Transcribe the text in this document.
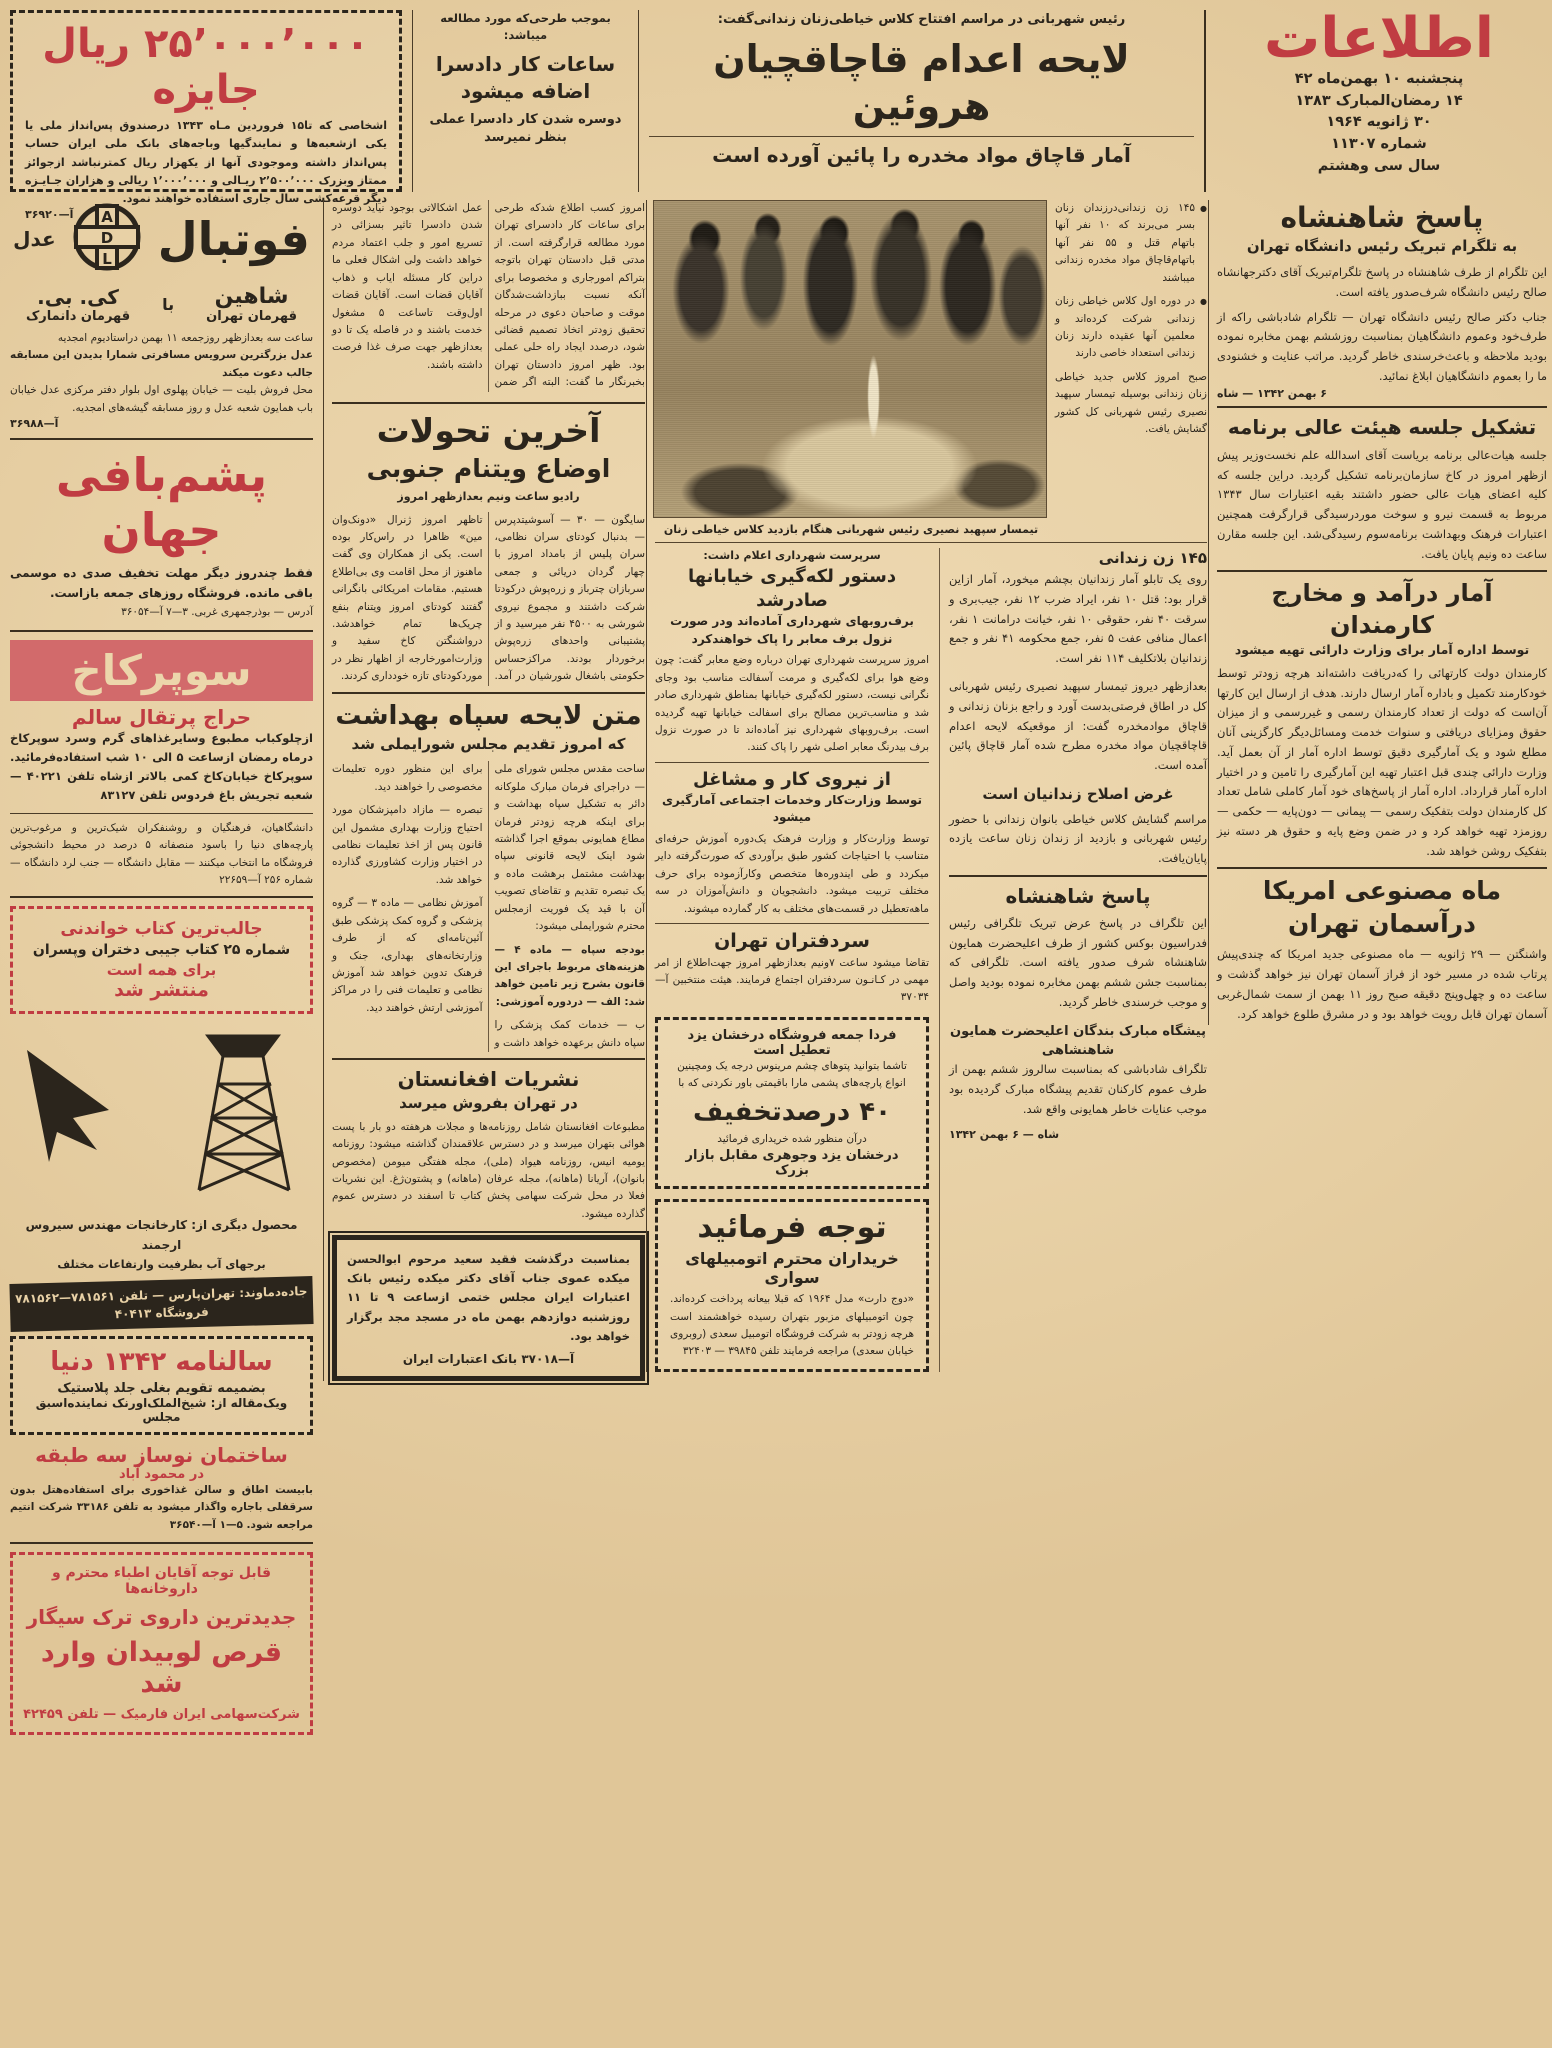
اطلاعات
پنجشنبه ۱۰ بهمن‌ماه ۴۲
۱۴ رمضان‌المبارک ۱۳۸۳
۳۰ ژانویه ۱۹۶۴
شماره ۱۱۳۰۷
سال سی وهشتم
رئیس شهربانی در مراسم افتتاح کلاس خیاطی‌زنان زندانی‌گفت:
لایحه اعدام قاچاقچیان هروئین
آمار قاچاق مواد مخدره را پائین آورده است
بموجب طرحی‌که مورد مطالعه میباشد:
ساعات کار دادسرا اضافه میشود
دوسره شدن کار دادسرا عملی بنظر نمیرسد
۲۵٬۰۰۰٬۰۰۰ ریال جایزه
اشخاصی که تا۱۵ فروردین مـاه ۱۳۴۳ درصندوق پس‌انداز ملی یا یکی ازشعبه‌ها و نمایندگیها وباجه‌های بانک ملی ایران حساب پس‌انداز داشته وموجودی آنها از یکهزار ریال کمترنباشد ازجوائز ممتاز وبزرک ۲٬۵۰۰٬۰۰۰ ریـالی و ۱٬۰۰۰٬۰۰۰ ریالی و هزاران جـایـزه دیگر قرعه‌کشی سال جاری استفاده خواهند نمود.
آ—۳۶۹۲۰	فوتبال
A
D
L
عدل
شاهین
قهرمان تهران
با
کی. بی.
قهرمان دانمارک
ساعت سه بعدازظهر روزجمعه ۱۱ بهمن دراستادیوم امجدیه
عدل بزرگترین سرویس مسافرتی شمارا بدیدن این مسابقه جالب دعوت میکند
محل فروش بلیت — خیابان پهلوی اول بلوار دفتر مرکزی عدل خیابان باب همایون شعبه عدل و روز مسابقه گیشه‌های امجدیه.
آ—۳۶۹۸۸
پشم‌بافی جهان
فقط چندروز دیگر مهلت تخفیف صدی ده موسمی باقی مانده. فروشگاه روزهای جمعه بازاست.
آدرس — بوذرجمهری غربی. ۳—۷ آ—۳۶۰۵۴
سوپرکاخ
حراج پرتقال سالم
ازچلوکباب مطبوع وسایرغذاهای گرم وسرد سوپرکاخ درماه رمضان ازساعت ۵ الی ۱۰ شب استفاده‌فرمائید. سوپرکاخ خیابان‌کاخ کمی بالاتر ازشاه تلفن ۴۰۲۲۱ — شعبه تجریش باغ فردوس تلفن ۸۳۱۲۷
دانشگاهیان، فرهنگیان و روشنفکران شیک‌ترین و مرغوب‌ترین پارچه‌های دنیا را باسود منصفانه ۵ درصد در محیط دانشجوئی فروشگاه ما انتخاب میکنند — مقابل دانشگاه — جنب لرد دانشگاه — شماره ۲۵۶ آ—۲۲۶۵۹
جالب‌ترین کتاب خواندنی
شماره ۲۵ کتاب جیبی دختران وپسران
برای همه است
منتشر شد
محصول دیگری از: کارخانجات مهندس سیروس ارجمند
برجهای آب بظرفیت وارتفاعات مختلف
جاده‌دماوند: تهران‌پارس — تلفن ۷۸۱۵۶۱—۷۸۱۵۶۲ فروشگاه ۴۰۴۱۳
سالنامه ۱۳۴۲ دنیا
بضمیمه تقویم بغلی جلد پلاستیک
ویک‌مقاله از: شیخ‌الملک‌اورنک نماینده‌اسبق مجلس
ساختمان نوساز سه طبقه
در محمود آباد
بابیست اطاق و سالن غذاخوری برای استفاده‌هتل بدون سرقفلی باجاره واگذار میشود به تلفن ۳۳۱۸۶ شرکت انتیم مراجعه شود. ۵—۱ آ—۳۶۵۴۰
قابل توجه آقایان اطباء محترم و داروخانه‌ها
جدیدترین داروی ترک سیگار
قرص لوبیدان وارد شد
شرکت‌سهامی ایران فارمیک — تلفن ۴۲۴۵۹
امروز کسب اطلاع شدکه طرحی برای ساعات کار دادسرای تهران مورد مطالعه قرارگرفته است. از مدتی قبل دادستان تهران باتوجه بتراکم امورجاری و مخصوصا برای آنکه نسبت ببازداشت‌شدگان موقت و صاحبان دعوی در مرحله تحقیق زودتر اتخاذ تصمیم قضائی شود، درصدد ایجاد راه حلی عملی بود. ظهر امروز دادستان تهران بخبرنگار ما گفت: البته اگر ضمن عمل اشکالاتی بوجود نیاید دوسره شدن دادسرا تاثیر بسزائی در تسریع امور و جلب اعتماد مردم خواهد داشت ولی اشکال فعلی ما دراین کار مسئله ایاب و ذهاب آقایان قضات است. آقایان قضات اول‌وقت تاساعت ۵ مشغول خدمت باشند و در فاصله یک تا دو بعدازظهر جهت صرف غذا فرصت داشته باشند.
آخرین تحولات
اوضاع ویتنام جنوبی
رادیو ساعت ونیم بعدازظهر امروز
سایگون — ۳۰ — آسوشیتدپرس — بدنبال کودتای سران نظامی، سران پلیس از بامداد امروز با چهار گردان دریائی و جمعی سربازان چترباز و زره‌پوش درکودتا شرکت داشتند و مجموع نیروی شورشی به ۴۵۰۰ نفر میرسید و از پشتیبانی واحدهای زره‌پوش برخوردار بودند. مراکزحساس حکومتی باشغال شورشیان در آمد. تاظهر امروز ژنرال «دونک‌وان مین» ظاهرا در راس‌کار بوده است. یکی از همکاران وی گفت ماهنوز از محل اقامت وی بی‌اطلاع هستیم. مقامات امریکائی بانگرانی گفتند کودتای امروز ویتنام بنفع چریک‌ها تمام خواهدشد. درواشنگتن کاخ سفید و وزارت‌امورخارجه از اظهار نظر در موردکودتای تازه خودداری کردند.
متن لایحه سپاه بهداشت
که امروز تقدیم مجلس شورایملی شد

ساحت مقدس مجلس شورای ملی — دراجرای فرمان مبارک ملوکانه دائر به تشکیل سپاه بهداشت و برای اینکه هرچه زودتر فرمان مطاع همایونی بموقع اجرا گذاشته شود اینک لایحه قانونی سپاه بهداشت مشتمل برهشت ماده و یک تبصره تقدیم و تقاضای تصویب آن با قید یک فوریت ازمجلس محترم شورایملی میشود:

بودجه سپاه — ماده ۴ — هزینه‌های مربوط باجرای این قانون بشرح زیر تامین خواهد شد: الف — دردوره آموزشی:

ب — خدمات کمک پزشکی را سپاه دانش برعهده خواهد داشت و برای این منظور دوره تعلیمات مخصوصی را خواهند دید.

تبصره — مازاد دامپزشکان مورد احتیاج وزارت بهداری مشمول این قانون پس از اخذ تعلیمات نظامی در اختیار وزارت کشاورزی گذارده خواهد شد.

آموزش نظامی — ماده ۳ — گروه پزشکی و گروه کمک پزشکی طبق آئین‌نامه‌ای که از طرف وزارتخانه‌های بهداری، جنک و فرهنک تدوین خواهد شد آموزش نظامی و تعلیمات فنی را در مراکز آموزشی ارتش خواهند دید.

نشریات افغانستان
در تهران بفروش میرسد
مطبوعات افغانستان شامل روزنامه‌ها و مجلات هرهفته دو بار با پست هوائی بتهران میرسد و در دسترس علاقمندان گذاشته میشود: روزنامه یومیه انیس، روزنامه هیواد (ملی)، مجله هفتگی میومن (مخصوص بانوان)، آریانا (ماهانه)، مجله عرفان (ماهانه) و پشتون‌ژغ. این نشریات فعلا در محل شرکت سهامی پخش کتاب تا اسفند در دسترس عموم گذارده میشود.
بمناسبت درگذشت فقید سعید مرحوم ابوالحسن میکده عموی جناب آقای دکتر میکده رئیس بانک اعتبارات ایران مجلس ختمی ازساعت ۹ تا ۱۱ روزشنبه دوازدهم بهمن ماه در مسجد مجد برگزار خواهد بود.
آ—۳۷۰۱۸ بانک اعتبارات ایران
● ۱۴۵ زن زندانی‌درزندان زنان بسر می‌برند که ۱۰ نفر آنها باتهام قتل و ۵۵ نفر آنها باتهام‌قاچاق مواد مخدره زندانی میباشند
● در دوره اول کلاس خیاطی زنان زندانی شرکت کرده‌اند و معلمین آنها عقیده دارند زنان زندانی استعداد خاصی دارند
صبح امروز کلاس جدید خیاطی زنان زندانی بوسیله تیمسار سپهبد نصیری رئیس شهربانی کل کشور گشایش یافت.
تیمسار سپهبد نصیری رئیس شهربانی هنگام بازدید کلاس خیاطی زنان
۱۴۵ زن زندانی
روی یک تابلو آمار زندانیان بچشم میخورد، آمار ازاین قرار بود: قتل ۱۰ نفر، ایراد ضرب ۱۲ نفر، جیب‌بری و سرقت ۴۰ نفر، حقوقی ۱۰ نفر، خیانت درامانت ۱ نفر، اعمال منافی عفت ۵ نفر، جمع محکومه ۴۱ نفر و جمع زندانیان بلاتکلیف ۱۱۴ نفر است.
بعدازظهر دیروز تیمسار سپهبد نصیری رئیس شهربانی کل در اطاق فرصتی‌بدست آورد و راجع بزنان زندانی و قاچاق موادمخدره گفت: از موقعیکه لایحه اعدام قاچاقچیان مواد مخدره مطرح شده آمار قاچاق پائین آمده است.
غرض اصلاح زندانیان است
مراسم گشایش کلاس خیاطی بانوان زندانی با حضور رئیس شهربانی و بازدید از زندان زنان ساعت یازده پایان‌یافت.
پاسخ شاهنشاه
این تلگراف در پاسخ عرض تبریک تلگرافی رئیس فدراسیون بوکس کشور از طرف اعلیحضرت همایون شاهنشاه شرف صدور یافته است. تلگرافی که بمناسبت جشن ششم بهمن مخابره نموده بودید واصل و موجب خرسندی خاطر گردید.
پیشگاه مبارک بندگان اعلیحضرت همایون شاهنشاهی
تلگراف شادباشی که بمناسبت سالروز ششم بهمن از طرف عموم کارکنان تقدیم پیشگاه مبارک گردیده بود موجب عنایات خاطر همایونی واقع شد.
شاه — ۶ بهمن ۱۳۴۲
سرپرست شهرداری اعلام داشت:
دستور لکه‌گیری خیابانها صادرشد
برف‌روبهای شهرداری آماده‌اند ودر صورت نزول برف معابر را پاک خواهندکرد
امروز سرپرست شهرداری تهران درباره وضع معابر گفت: چون وضع هوا برای لکه‌گیری و مرمت آسفالت مناسب بود وجای نگرانی نیست، دستور لکه‌گیری خیابانها بمناطق شهرداری صادر شد و مناسب‌ترین مصالح برای اسفالت خیابانها تهیه گردیده است. برف‌روبهای شهرداری نیز آماده‌اند تا در صورت نزول برف بیدرنگ معابر اصلی شهر را پاک کنند.
از نیروی کار و مشاغل
توسط وزارت‌کار وخدمات اجتماعی آمارگیری میشود
توسط وزارت‌کار و وزارت فرهنک یک‌دوره آموزش حرفه‌ای متناسب با احتیاجات کشور طبق برآوردی که صورت‌گرفته دایر میکردد و طی ایندوره‌ها متخصص وکارآزموده برای حرف مختلف تربیت میشود. دانشجویان و دانش‌آموزان در سه ماهه‌تعطیل در قسمت‌های مختلف به کار گمارده میشوند.
سردفتران تهران
تقاضا میشود ساعت ۷ونیم بعدازظهر امروز جهت‌اطلاع از امر مهمی در کـانـون سردفتران اجتماع فرمایند. هیئت منتخبین آ—۳۷۰۳۴
فردا جمعه فروشگاه درخشان یزد تعطیل است
تاشما بتوانید پتوهای چشم مرینوس درجه یک ومچینین انواع پارچه‌های پشمی مارا باقیمتی باور نکردنی که با
۴۰ درصدتخفیف
درآن منظور شده خریداری فرمائید
درخشان یزد وجوهری مقابل بازار بزرک
توجه فرمائید
خریداران محترم اتومبیلهای سواری
«دوج دارت» مدل ۱۹۶۴ که قبلا بیعانه پرداخت کرده‌اند. چون اتومبیلهای مزبور بتهران رسیده خواهشمند است هرچه زودتر به شرکت فروشگاه اتومبیل سعدی (روبروی خیابان سعدی) مراجعه فرمایند تلفن ۳۹۸۴۵ — ۳۲۴۰۳
پاسخ شاهنشاه
به تلگرام تبریک رئیس دانشگاه تهران
این تلگرام از طرف شاهنشاه در پاسخ تلگرام‌تبریک آقای دکترجهانشاه صالح رئیس دانشگاه شرف‌صدور یافته است.
جناب دکتر صالح رئیس دانشگاه تهران — تلگرام شادباشی راکه از طرف‌خود وعموم دانشگاهیان بمناسبت روزششم بهمن مخابره نموده بودید ملاحظه و باعث‌خرسندی خاطر گردید. مراتب عنایت و خشنودی ما را بعموم دانشگاهیان ابلاغ نمائید.
۶ بهمن ۱۳۴۲ — شاه
تشکیل جلسه هیئت عالی برنامه
جلسه هیات‌عالی برنامه بریاست آقای اسدالله علم نخست‌وزیر پیش ازظهر امروز در کاخ سازمان‌برنامه تشکیل گردید. دراین جلسه که کلیه اعضای هیات عالی حضور داشتند بقیه اعتبارات سال ۱۳۴۳ مربوط به قسمت نیرو و سوخت موردرسیدگی قرارگرفت همچنین اعتبارات فرهنک وبهداشت برنامه‌سوم رسیدگی‌شد. این جلسه مقارن ساعت ده ونیم پایان یافت.
آمار درآمد و مخارج کارمندان
توسط اداره آمار برای وزارت دارائی تهیه میشود
کارمندان دولت کارتهائی را که‌دریافت داشته‌اند هرچه زودتر توسط خودکارمند تکمیل و باداره آمار ارسال دارند. هدف از ارسال این کارتها آن‌است که دولت از تعداد کارمندان رسمی و غیررسمی و از میزان حقوق ومزایای دریافتی و سنوات خدمت ومسائل‌دیگر کارگزینی آنان مطلع شود و یک آمارگیری دقیق توسط اداره آمار از آن بعمل آید. وزارت دارائی چندی قبل اعتبار تهیه این آمارگیری را تامین و در اختیار اداره آمار قرارداد. اداره آمار از پاسخ‌های خود آمار کاملی شامل تعداد کل کارمندان دولت بتفکیک رسمی — پیمانی — دون‌پایه — حکمی — روزمزد تهیه خواهد کرد و در ضمن وضع پایه و حقوق هر دسته نیز بتفکیک روشن خواهد شد.
ماه مصنوعی امریکا درآسمان تهران
واشنگتن — ۲۹ ژانویه — ماه مصنوعی جدید امریکا که چندی‌پیش پرتاب شده در مسیر خود از فراز آسمان تهران نیز خواهد گذشت و ساعت ده و چهل‌وپنج دقیقه صبح روز ۱۱ بهمن از سمت شمال‌غربی آسمان تهران قابل رویت خواهد بود و در مشرق طلوع خواهد کرد.
